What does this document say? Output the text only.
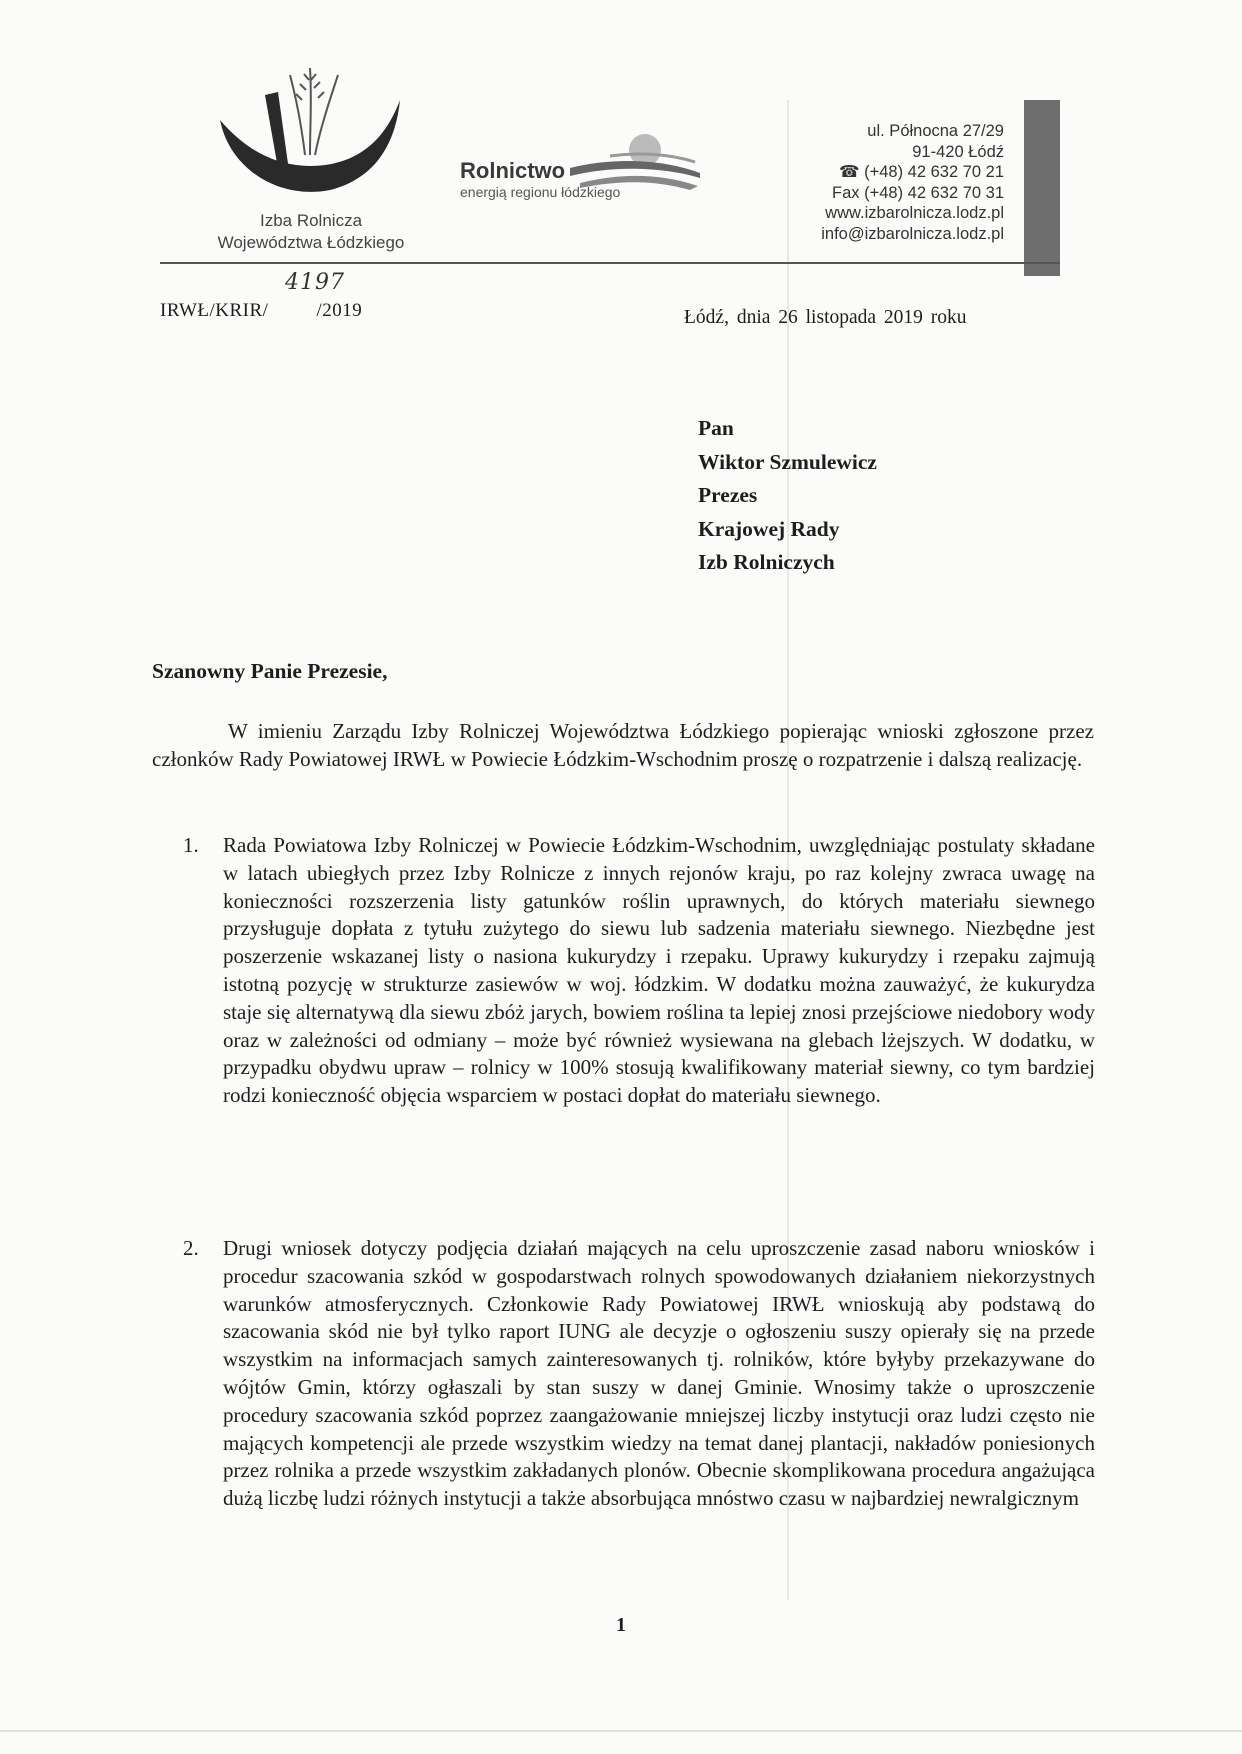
Izba Rolnicza
Województwa Łódzkiego
Rolnictwo
energią regionu łódzkiego
ul. Północna 27/29
91-420 Łódź
☎ (+48) 42 632 70 21
Fax (+48) 42 632 70 31
www.izbarolnicza.lodz.pl
info@izbarolnicza.lodz.pl
4197
IRWŁ/KRIR/	/2019	Łódź, dnia 26 listopada 2019 roku
Pan
Wiktor Szmulewicz
Prezes
Krajowej Rady
Izb Rolniczych
Szanowny Panie Prezesie,
W imieniu Zarządu Izby Rolniczej Województwa Łódzkiego popierając wnioski zgłoszone przez członków Rady Powiatowej IRWŁ w Powiecie Łódzkim-Wschodnim proszę o rozpatrzenie i dalszą realizację.
1. Rada Powiatowa Izby Rolniczej w Powiecie Łódzkim-Wschodnim, uwzględniając postulaty składane w latach ubiegłych przez Izby Rolnicze z innych rejonów kraju, po raz kolejny zwraca uwagę na konieczności rozszerzenia listy gatunków roślin uprawnych, do których materiału siewnego przysługuje dopłata z tytułu zużytego do siewu lub sadzenia materiału siewnego. Niezbędne jest poszerzenie wskazanej listy o nasiona kukurydzy i rzepaku. Uprawy kukurydzy i rzepaku zajmują istotną pozycję w strukturze zasiewów w woj. łódzkim. W dodatku można zauważyć, że kukurydza staje się alternatywą dla siewu zbóż jarych, bowiem roślina ta lepiej znosi przejściowe niedobory wody oraz w zależności od odmiany – może być również wysiewana na glebach lżejszych. W dodatku, w przypadku obydwu upraw – rolnicy w 100% stosują kwalifikowany materiał siewny, co tym bardziej rodzi konieczność objęcia wsparciem w postaci dopłat do materiału siewnego.
2. Drugi wniosek dotyczy podjęcia działań mających na celu uproszczenie zasad naboru wniosków i procedur szacowania szkód w gospodarstwach rolnych spowodowanych działaniem niekorzystnych warunków atmosferycznych. Członkowie Rady Powiatowej IRWŁ wnioskują aby podstawą do szacowania skód nie był tylko raport IUNG ale decyzje o ogłoszeniu suszy opierały się na przede wszystkim na informacjach samych zainteresowanych tj. rolników, które byłyby przekazywane do wójtów Gmin, którzy ogłaszali by stan suszy w danej Gminie. Wnosimy także o uproszczenie procedury szacowania szkód poprzez zaangażowanie mniejszej liczby instytucji oraz ludzi często nie mających kompetencji ale przede wszystkim wiedzy na temat danej plantacji, nakładów poniesionych przez rolnika a przede wszystkim zakładanych plonów. Obecnie skomplikowana procedura angażująca dużą liczbę ludzi różnych instytucji a także absorbująca mnóstwo czasu w najbardziej newralgicznym
1
